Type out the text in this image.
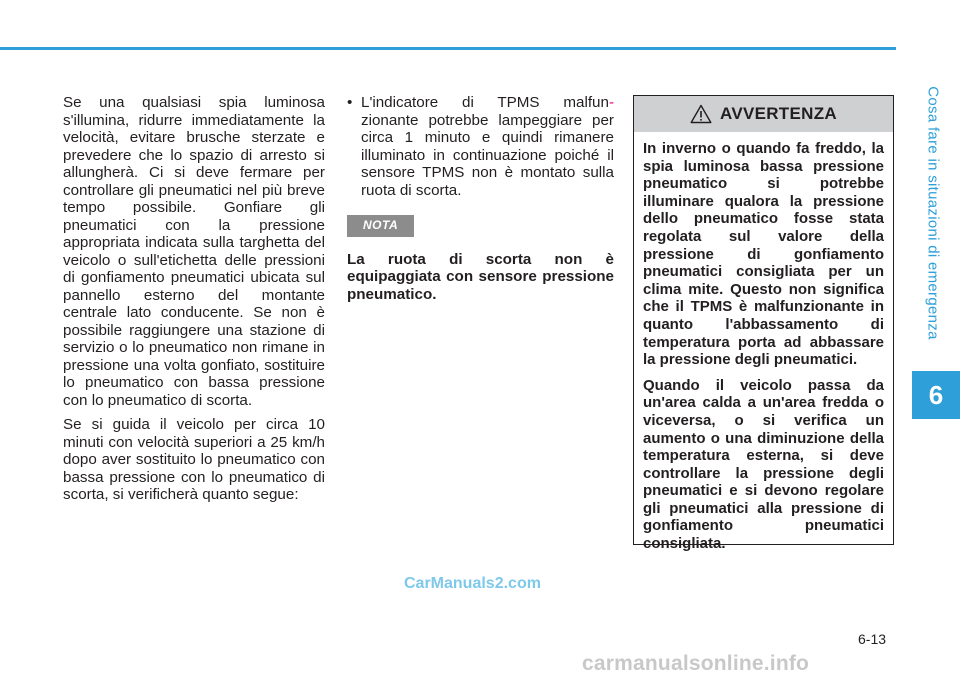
Cosa fare in situazioni di emergenza
6

Se una qualsiasi spia luminosa s'illumina, ridurre immediatamente la velocità, evitare brusche sterzate e prevedere che lo spazio di arresto si allungherà. Ci si deve fermare per controllare gli pneumatici nel più breve tempo possibile. Gonfiare gli pneumatici con la pressione appropriata indicata sulla targhetta del veicolo o sull'etichetta delle pressioni di gonfiamento pneumatici ubicata sul pannello esterno del montante centrale lato conducente. Se non è possibile raggiungere una stazione di servizio o lo pneumatico non rimane in pressione una volta gonfiato, sostituire lo pneumatico con bassa pressione con lo pneumatico di scorta.

Se si guida il veicolo per circa 10 minuti con velocità superiori a 25 km/h dopo aver sostituito lo pneumatico con bassa pressione con lo pneumatico di scorta, si verificherà quanto segue:

• L'indicatore di TPMS malfun- zionante potrebbe lampeggiare per circa 1 minuto e quindi rimanere illuminato in continuazione poiché il sensore TPMS non è montato sulla ruota di scorta.
NOTA

La ruota di scorta non è equipaggiata con sensore pressione pneumatico.

AVVERTENZA

In inverno o quando fa freddo, la spia luminosa bassa pressione pneumatico si potrebbe illuminare qualora la pressione dello pneumatico fosse stata regolata sul valore della pressione di gonfiamento pneumatici consigliata per un clima mite. Questo non significa che il TPMS è malfunzionante in quanto l'abbassamento di temperatura porta ad abbassare la pressione degli pneumatici.

Quando il veicolo passa da un'area calda a un'area fredda o viceversa, o si verifica un aumento o una diminuzione della temperatura esterna, si deve controllare la pressione degli pneumatici e si devono regolare gli pneumatici alla pressione di gonfiamento pneumatici consigliata.

CarManuals2.com
6-13
carmanualsonline.info
